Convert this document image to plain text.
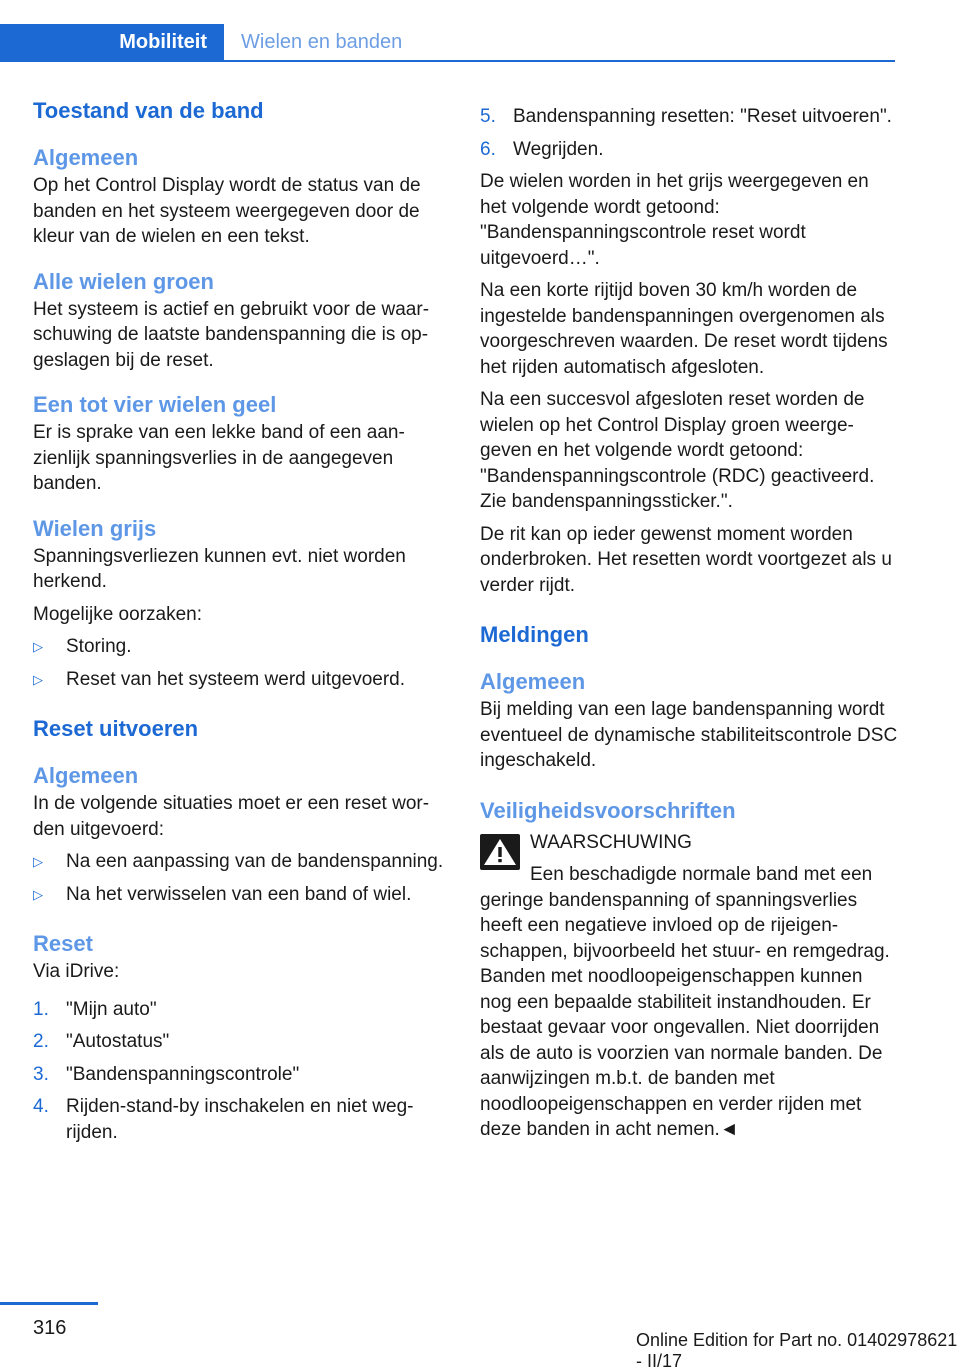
Mobiliteit Wielen en banden
Toestand van de band
Algemeen

Op het Control Display wordt de status van de banden en het systeem weergegeven door de kleur van de wielen en een tekst.

Alle wielen groen

Het systeem is actief en gebruikt voor de waarschuwing de laatste bandenspanning die is opgeslagen bij de reset.

Een tot vier wielen geel

Er is sprake van een lekke band of een aanzienlijk spanningsverlies in de aangegeven banden.

Wielen grijs

Spanningsverliezen kunnen evt. niet worden herkend.

Mogelijke oorzaken:

▷ Storing.
▷ Reset van het systeem werd uitgevoerd.
Reset uitvoeren
Algemeen

In de volgende situaties moet er een reset worden uitgevoerd:

▷ Na een aanpassing van de bandenspanning.
▷ Na het verwisselen van een band of wiel.
Reset

Via iDrive:

1. "Mijn auto"
2. "Autostatus"
3. "Bandenspanningscontrole"
4. Rijden-stand-by inschakelen en niet wegrijden.
5. Bandenspanning resetten: "Reset uitvoeren".
6. Wegrijden.

De wielen worden in het grijs weergegeven en het volgende wordt getoond: "Bandenspanningscontrole reset wordt uitgevoerd…".

Na een korte rijtijd boven 30 km/h worden de ingestelde bandenspanningen overgenomen als voorgeschreven waarden. De reset wordt tijdens het rijden automatisch afgesloten.

Na een succesvol afgesloten reset worden de wielen op het Control Display groen weergegeven en het volgende wordt getoond: "Bandenspanningscontrole (RDC) geactiveerd. Zie bandenspanningssticker.".

De rit kan op ieder gewenst moment worden onderbroken. Het resetten wordt voortgezet als u verder rijdt.

Meldingen
Algemeen

Bij melding van een lage bandenspanning wordt eventueel de dynamische stabiliteitscontrole DSC ingeschakeld.

Veiligheidsvoorschriften

WAARSCHUWING

Een beschadigde normale band met een geringe bandenspanning of spanningsverlies heeft een negatieve invloed op de rijeigenschappen, bijvoorbeeld het stuur- en remgedrag. Banden met noodloopeigenschappen kunnen nog een bepaalde stabiliteit instandhouden. Er bestaat gevaar voor ongevallen. Niet doorrijden als de auto is voorzien van normale banden. De aanwijzingen m.b.t. de banden met noodloopeigenschappen en verder rijden met deze banden in acht nemen.◄

316
Online Edition for Part no. 01402978621 - II/17
